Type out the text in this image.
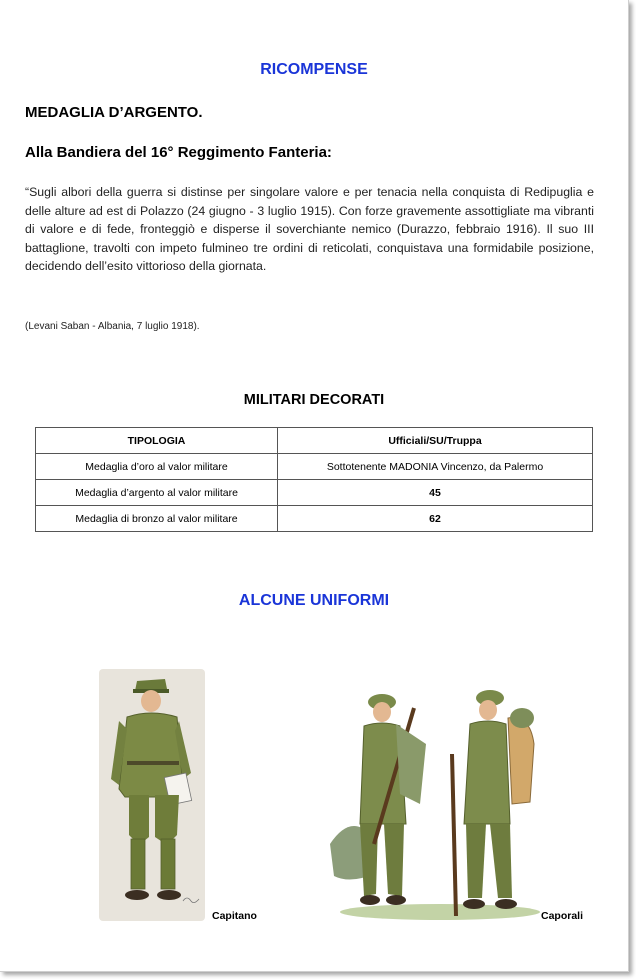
RICOMPENSE
MEDAGLIA D’ARGENTO.
Alla Bandiera del 16° Reggimento Fanteria:
“Sugli albori della guerra si distinse per singolare valore e per tenacia nella conquista di Redipuglia e delle alture ad est di Polazzo (24 giugno - 3 luglio 1915). Con forze gravemente assottigliate ma vibranti di valore e di fede, fronteggiò e disperse il soverchiante nemico (Durazzo, febbraio 1916). Il suo III battaglione, travolti con impeto fulmineo tre ordini di reticolati, conquistava una formidabile posizione, decidendo dell’esito vittorioso della giornata.
(Levani Saban - Albania, 7 luglio 1918).
MILITARI DECORATI
TIPOLOGIA	Ufficiali/SU/Truppa
Medaglia d’oro al valor militare	Sottotenente MADONIA Vincenzo, da Palermo
Medaglia d’argento al valor militare	45
Medaglia di bronzo al valor militare	62
ALCUNE UNIFORMI
Capitano	Caporali
